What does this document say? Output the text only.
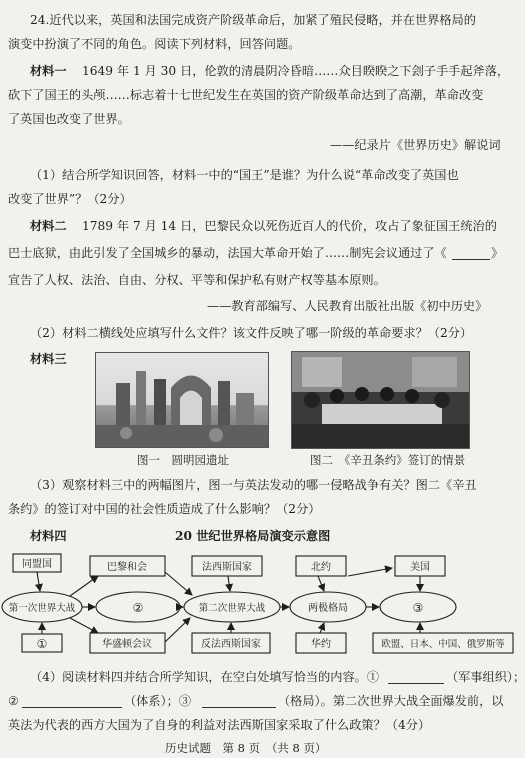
24.近代以来，英国和法国完成资产阶级革命后，加紧了殖民侵略，并在世界格局的
演变中扮演了不同的角色。阅读下列材料，回答问题。
材料一 1649 年 1 月 30 日，伦敦的清晨阴冷昏暗……众目睽睽之下刽子手手起斧落，
砍下了国王的头颅……标志着十七世纪发生在英国的资产阶级革命达到了高潮，革命改变
了英国也改变了世界。
——纪录片《世界历史》解说词
（1）结合所学知识回答，材料一中的“国王”是谁？为什么说“革命改变了英国也
改变了世界”？（2分）
材料二 1789 年 7 月 14 日，巴黎民众以死伤近百人的代价，攻占了象征国王统治的
巴士底狱，由此引发了全国城乡的暴动，法国大革命开始了……制宪会议通过了《	》
宣告了人权、法治、自由、分权、平等和保护私有财产权等基本原则。
——教育部编写、人民教育出版社出版《初中历史》
（2）材料二横线处应填写什么文件？该文件反映了哪一阶级的革命要求？（2分）
材料三
图一　圆明园遗址	图二　《辛丑条约》签订的情景
（3）观察材料三中的两幅图片，图一与英法发动的哪一侵略战争有关？图二《辛丑
条约》的签订对中国的社会性质造成了什么影响？（2分）
材料四	20 世纪世界格局演变示意图
同盟国
第一次世界大战
①
巴黎和会
②
华盛顿会议
法西斯国家
第二次世界大战
反法西斯国家
北约
两极格局
华约
美国
③
欧盟、日本、中国、俄罗斯等
（4）阅读材料四并结合所学知识，在空白处填写恰当的内容。①	（军事组织）；
②	（体系）；③	（格局）。第二次世界大战全面爆发前，以
英法为代表的西方大国为了自身的利益对法西斯国家采取了什么政策？（4分）
历史试题　第 8 页　（共 8 页）
